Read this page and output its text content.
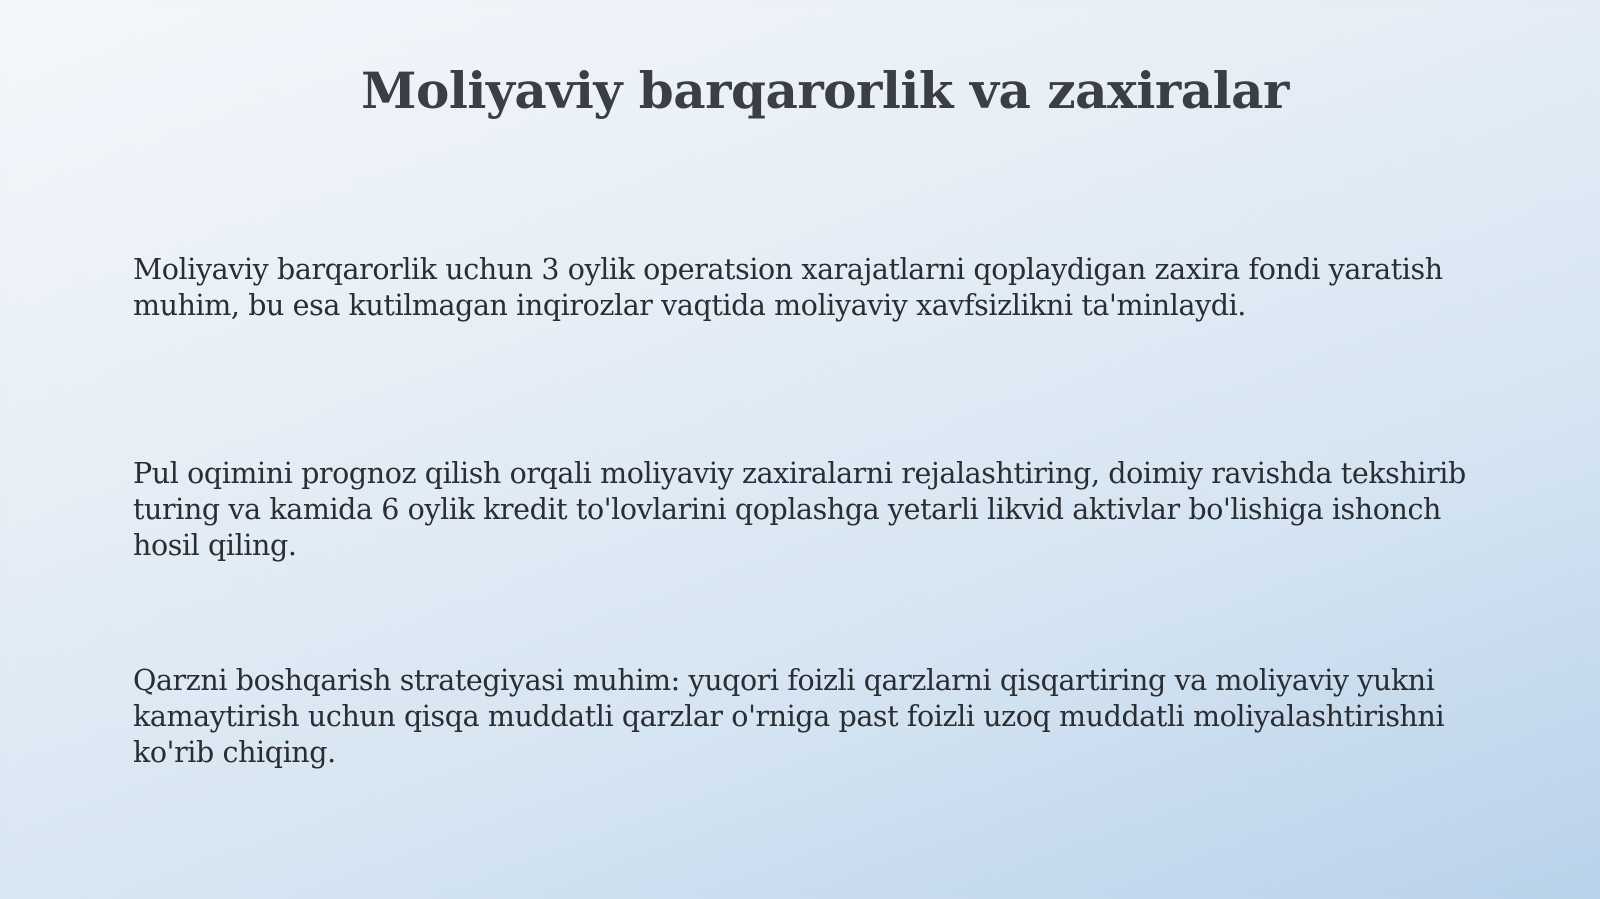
Moliyaviy barqarorlik va zaxiralar

Moliyaviy barqarorlik uchun 3 oylik operatsion xarajatlarni qoplaydigan zaxira fondi yaratish muhim, bu esa kutilmagan inqirozlar vaqtida moliyaviy xavfsizlikni ta'minlaydi.

Pul oqimini prognoz qilish orqali moliyaviy zaxiralarni rejalashtiring, doimiy ravishda tekshirib turing va kamida 6 oylik kredit to'lovlarini qoplashga yetarli likvid aktivlar bo'lishiga ishonch hosil qiling.

Qarzni boshqarish strategiyasi muhim: yuqori foizli qarzlarni qisqartiring va moliyaviy yukni kamaytirish uchun qisqa muddatli qarzlar o'rniga past foizli uzoq muddatli moliyalashtirishni ko'rib chiqing.
